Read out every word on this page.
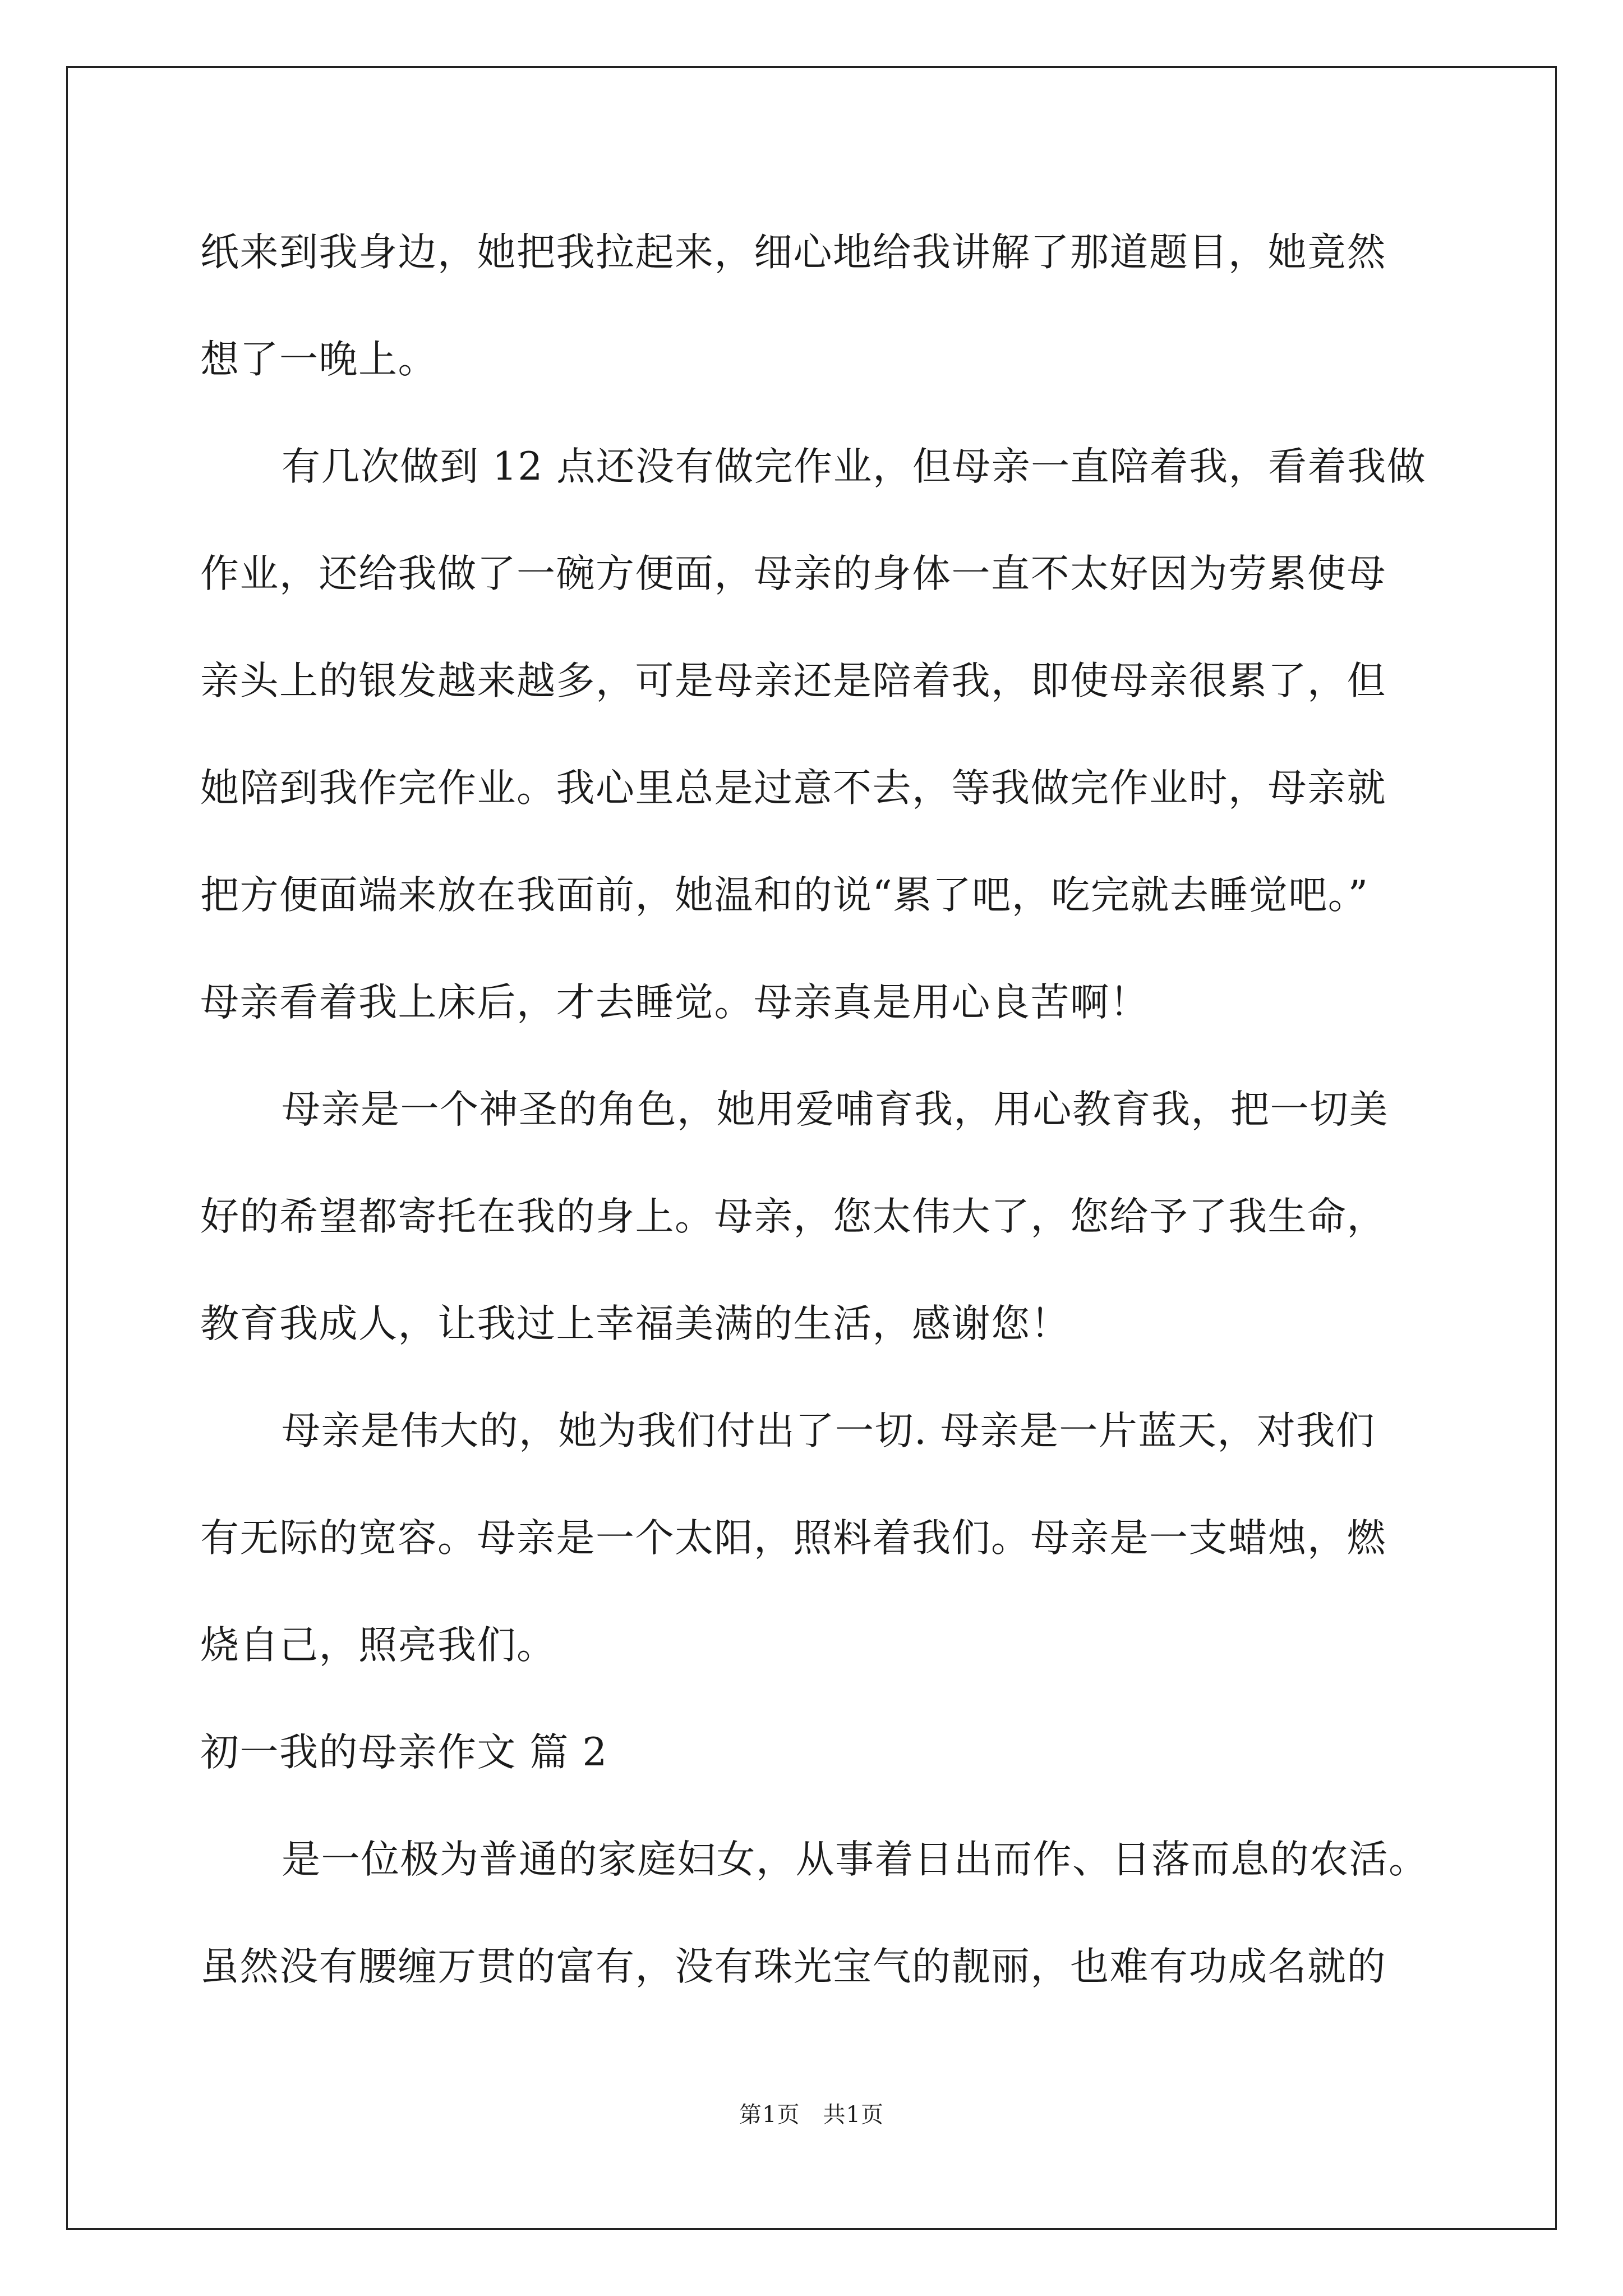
纸来到我身边，她把我拉起来，细心地给我讲解了那道题目，她竟然
想了一晚上。
有几次做到 12 点还没有做完作业，但母亲一直陪着我，看着我做
作业，还给我做了一碗方便面，母亲的身体一直不太好因为劳累使母
亲头上的银发越来越多，可是母亲还是陪着我，即使母亲很累了，但
她陪到我作完作业。我心里总是过意不去，等我做完作业时，母亲就
把方便面端来放在我面前，她温和的说“累了吧，吃完就去睡觉吧。”
母亲看着我上床后，才去睡觉。母亲真是用心良苦啊！
母亲是一个神圣的角色，她用爱哺育我，用心教育我，把一切美
好的希望都寄托在我的身上。母亲，您太伟大了，您给予了我生命，
教育我成人，让我过上幸福美满的生活，感谢您！
母亲是伟大的，她为我们付出了一切. 母亲是一片蓝天，对我们
有无际的宽容。母亲是一个太阳，照料着我们。母亲是一支蜡烛，燃
烧自己，照亮我们。
初一我的母亲作文 篇 2
是一位极为普通的家庭妇女，从事着日出而作、日落而息的农活。
虽然没有腰缠万贯的富有，没有珠光宝气的靓丽，也难有功成名就的
第1页　共1页
